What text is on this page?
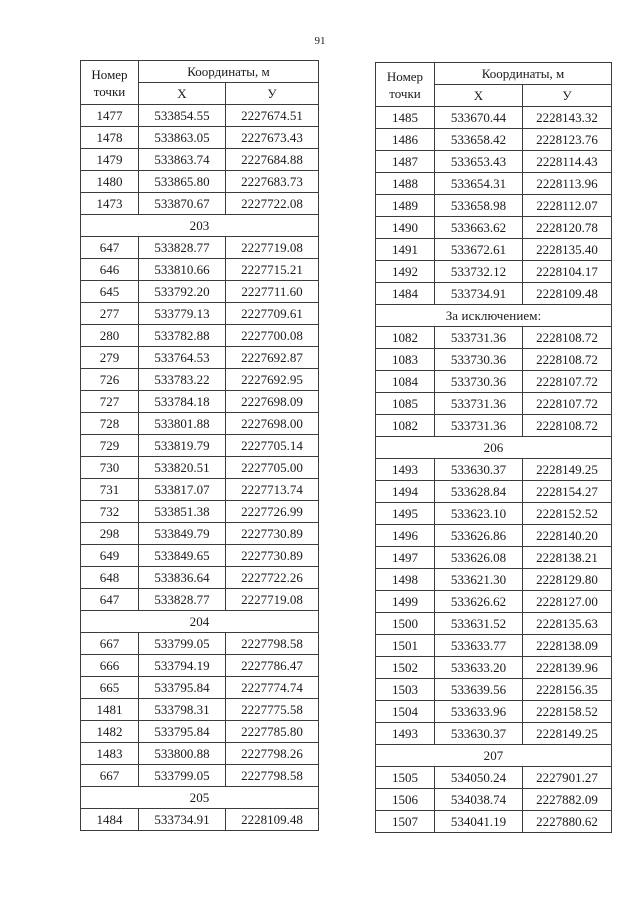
91
Номер точки	Координаты, м	
	Х	У
1477	533854.55	2227674.51
1478	533863.05	2227673.43
1479	533863.74	2227684.88
1480	533865.80	2227683.73
1473	533870.67	2227722.08
203		
647	533828.77	2227719.08
646	533810.66	2227715.21
645	533792.20	2227711.60
277	533779.13	2227709.61
280	533782.88	2227700.08
279	533764.53	2227692.87
726	533783.22	2227692.95
727	533784.18	2227698.09
728	533801.88	2227698.00
729	533819.79	2227705.14
730	533820.51	2227705.00
731	533817.07	2227713.74
732	533851.38	2227726.99
298	533849.79	2227730.89
649	533849.65	2227730.89
648	533836.64	2227722.26
647	533828.77	2227719.08
204		
667	533799.05	2227798.58
666	533794.19	2227786.47
665	533795.84	2227774.74
1481	533798.31	2227775.58
1482	533795.84	2227785.80
1483	533800.88	2227798.26
667	533799.05	2227798.58
205		
1484	533734.91	2228109.48
Номер точки	Координаты, м	
	Х	У
1485	533670.44	2228143.32
1486	533658.42	2228123.76
1487	533653.43	2228114.43
1488	533654.31	2228113.96
1489	533658.98	2228112.07
1490	533663.62	2228120.78
1491	533672.61	2228135.40
1492	533732.12	2228104.17
1484	533734.91	2228109.48
За исключением:		
1082	533731.36	2228108.72
1083	533730.36	2228108.72
1084	533730.36	2228107.72
1085	533731.36	2228107.72
1082	533731.36	2228108.72
206		
1493	533630.37	2228149.25
1494	533628.84	2228154.27
1495	533623.10	2228152.52
1496	533626.86	2228140.20
1497	533626.08	2228138.21
1498	533621.30	2228129.80
1499	533626.62	2228127.00
1500	533631.52	2228135.63
1501	533633.77	2228138.09
1502	533633.20	2228139.96
1503	533639.56	2228156.35
1504	533633.96	2228158.52
1493	533630.37	2228149.25
207		
1505	534050.24	2227901.27
1506	534038.74	2227882.09
1507	534041.19	2227880.62
